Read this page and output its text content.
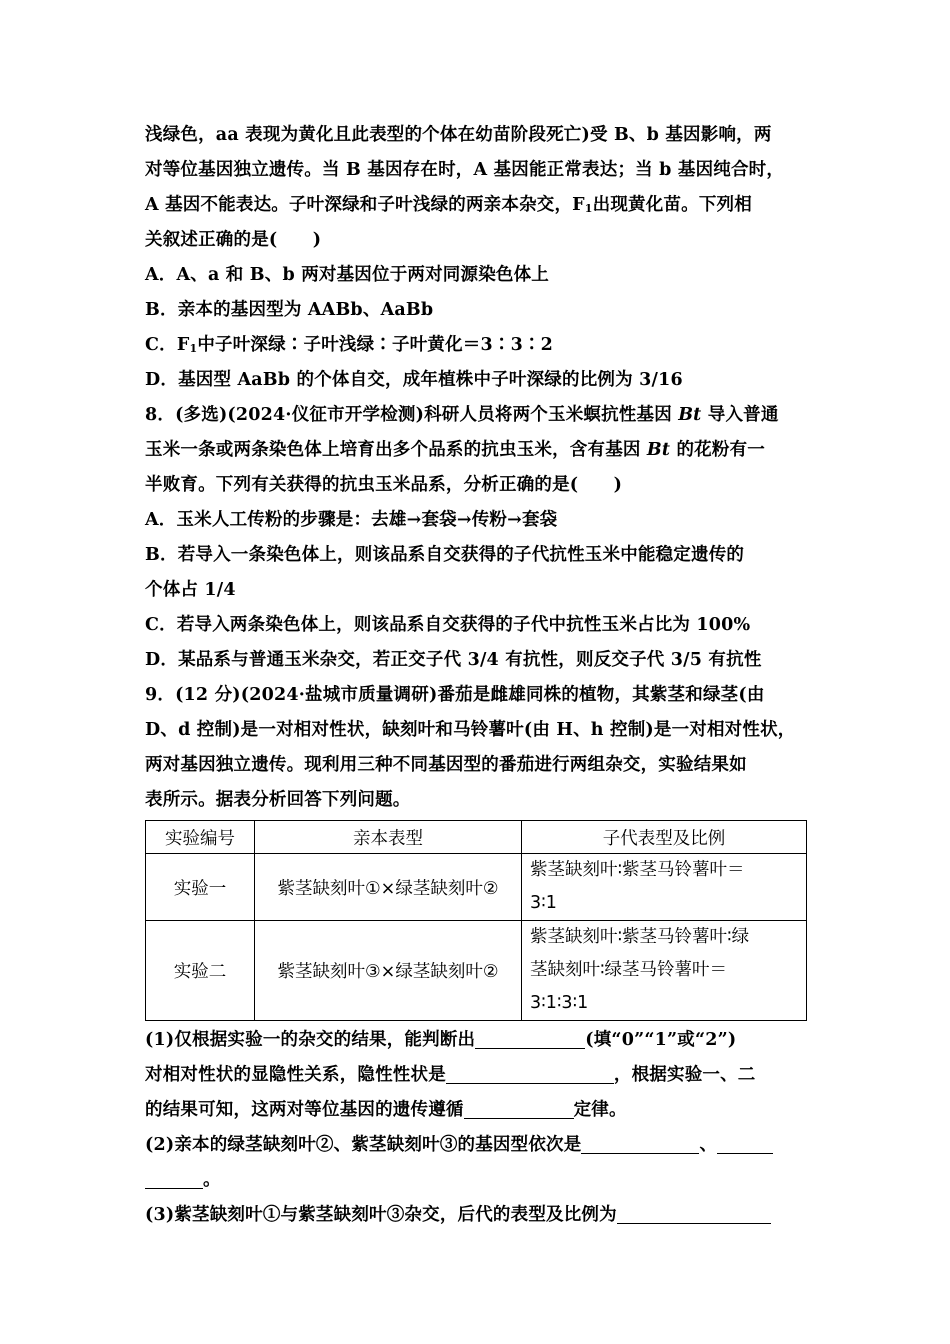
浅绿色，aa 表现为黄化且此表型的个体在幼苗阶段死亡)受 B、b 基因影响，两
对等位基因独立遗传。当 B 基因存在时，A 基因能正常表达；当 b 基因纯合时，
A 基因不能表达。子叶深绿和子叶浅绿的两亲本杂交，$F_1$出现黄化苗。下列相
关叙述正确的是(　　)
A．A、a 和 B、b 两对基因位于两对同源染色体上
B．亲本的基因型为 AABb、AaBb
C．$F_1$中子叶深绿∶子叶浅绿∶子叶黄化＝3∶3∶2
D．基因型 AaBb 的个体自交，成年植株中子叶深绿的比例为 3/16
8．(多选)(2024·仪征市开学检测)科研人员将两个玉米螟抗性基因 Bt 导入普通
玉米一条或两条染色体上培育出多个品系的抗虫玉米，含有基因 Bt 的花粉有一
半败育。下列有关获得的抗虫玉米品系，分析正确的是(　　)
A．玉米人工传粉的步骤是：去雄→套袋→传粉→套袋
B．若导入一条染色体上，则该品系自交获得的子代抗性玉米中能稳定遗传的
个体占 1/4
C．若导入两条染色体上，则该品系自交获得的子代中抗性玉米占比为 100%
D．某品系与普通玉米杂交，若正交子代 3/4 有抗性，则反交子代 3/5 有抗性
9．(12 分)(2024·盐城市质量调研)番茄是雌雄同株的植物，其紫茎和绿茎(由
D、d 控制)是一对相对性状，缺刻叶和马铃薯叶(由 H、h 控制)是一对相对性状，
两对基因独立遗传。现利用三种不同基因型的番茄进行两组杂交，实验结果如
表所示。据表分析回答下列问题。
实验编号	亲本表型	子代表型及比例
实验一	紫茎缺刻叶①×绿茎缺刻叶②	紫茎缺刻叶∶紫茎马铃薯叶＝
3∶1

实验二	紫茎缺刻叶③×绿茎缺刻叶②	紫茎缺刻叶∶紫茎马铃薯叶∶绿
茎缺刻叶∶绿茎马铃薯叶＝
3∶1∶3∶1
(1)仅根据实验一的杂交的结果，能判断出	(填“0”“1”或“2”)
对相对性状的显隐性关系，隐性性状是	，根据实验一、二
的结果可知，这两对等位基因的遗传遵循	定律。
(2)亲本的绿茎缺刻叶②、紫茎缺刻叶③的基因型依次是	、
。
(3)紫茎缺刻叶①与紫茎缺刻叶③杂交，后代的表型及比例为
